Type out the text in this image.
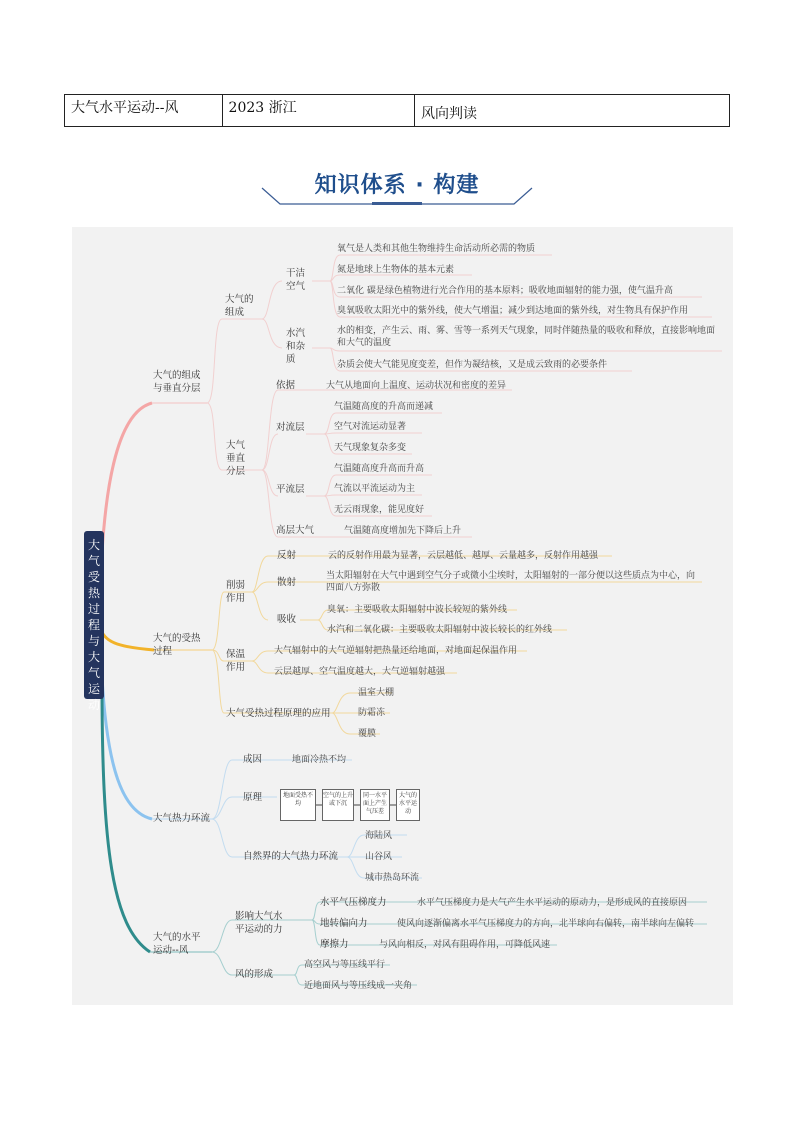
大气水平运动--风	2023 浙江	风向判读
知识体系 · 构建
大
气
受
热
过
程
与
大
气
运
动
大气的组成与垂直分层
大气的组成
干洁空气
氧气是人类和其他生物维持生命活动所必需的物质
氮是地球上生物体的基本元素
二氧化 碳是绿色植物进行光合作用的基本原料；吸收地面辐射的能力强，使气温升高
臭氧吸收太阳光中的紫外线，使大气增温；减少到达地面的紫外线，对生物具有保护作用
水汽和杂质
水的相变，产生云、雨、雾、雪等一系列天气现象，同时伴随热量的吸收和释放，直接影响地面和大气的温度
杂质会使大气能见度变差，但作为凝结核，又是成云致雨的必要条件
大气垂直分层
依据	大气从地面向上温度、运动状况和密度的差异
对流层
气温随高度的升高而递减
空气对流运动显著
天气现象复杂多变
平流层
气温随高度升高而升高
气流以平流运动为主
无云雨现象，能见度好
高层大气	气温随高度增加先下降后上升
大气的受热过程
削弱作用
反射	云的反射作用最为显著，云层越低、越厚、云量越多，反射作用越强
散射
当太阳辐射在大气中遇到空气分子或微小尘埃时，太阳辐射的一部分便以这些质点为中心，向四面八方弥散
吸收
臭氧：主要吸收太阳辐射中波长较短的紫外线
水汽和二氧化碳：主要吸收太阳辐射中波长较长的红外线
保温作用
大气辐射中的大气逆辐射把热量还给地面，对地面起保温作用
云层越厚、空气温度越大，大气逆辐射越强
大气受热过程原理的应用
温室大棚
防霜冻
覆膜
大气热力环流
成因	地面冷热不均
原理	地面受热不均
空气的上升或下沉
同一水平面上产生气压差
大气的水平运动
自然界的大气热力环流
海陆风
山谷风
城市热岛环流
大气的水平运动--风
影响大气水平运动的力
水平气压梯度力	水平气压梯度力是大气产生水平运动的原动力，是形成风的直接原因
地转偏向力	使风向逐渐偏离水平气压梯度力的方向，北半球向右偏转，南半球向左偏转
摩擦力	与风向相反，对风有阻碍作用，可降低风速
风的形成
高空风与等压线平行
近地面风与等压线成一夹角
